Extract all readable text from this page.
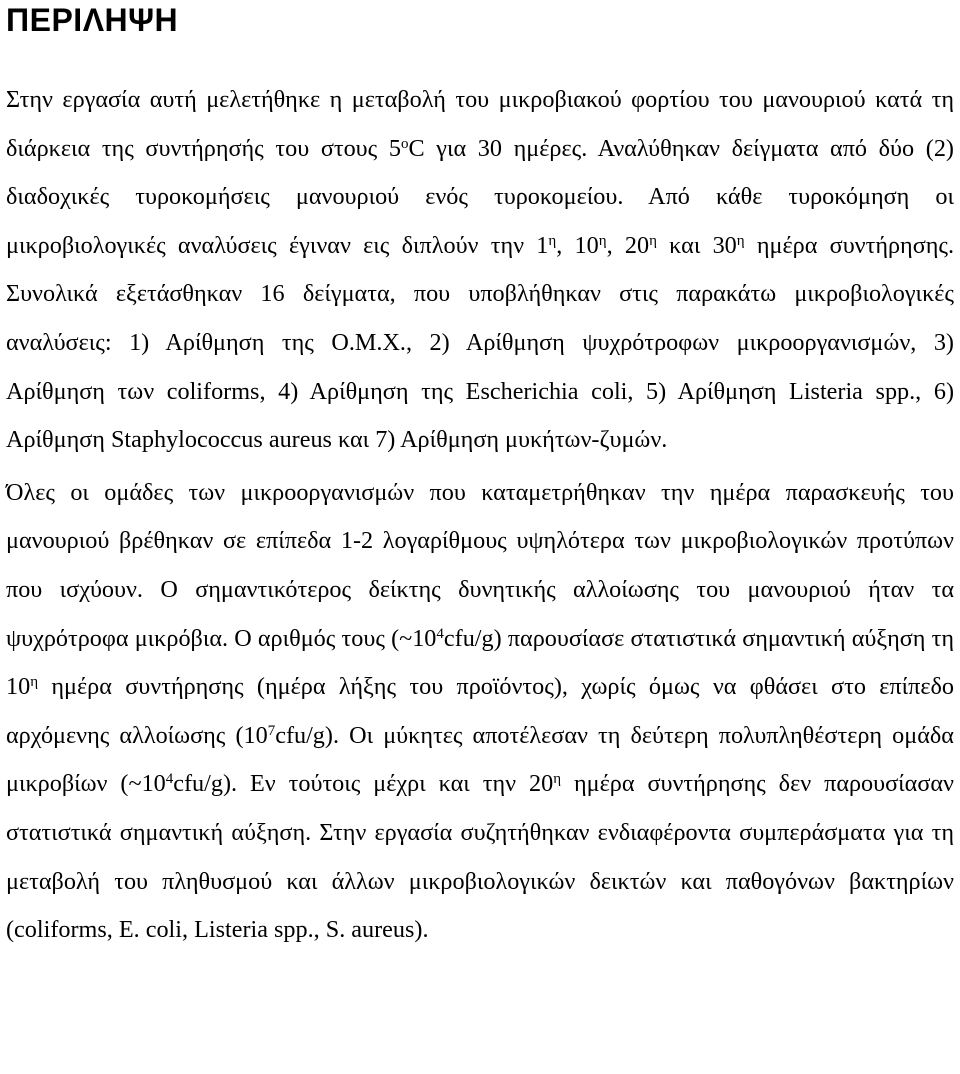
ΠΕΡΙΛΗΨΗ

Στην εργασία αυτή μελετήθηκε η μεταβολή του μικροβιακού φορτίου του μανουριού κατά τη διάρκεια της συντήρησής του στους $5^oC$ για 30 ημέρες. Αναλύθηκαν δείγματα από δύο (2) διαδοχικές τυροκομήσεις μανουριού ενός τυροκομείου. Από κάθε τυροκόμηση οι μικροβιολογικές αναλύσεις έγιναν εις διπλούν την $1^\eta$, $10^\eta$, $20^\eta$ και $30^\eta$ ημέρα συντήρησης. Συνολικά εξετάσθηκαν 16 δείγματα, που υποβλήθηκαν στις παρακάτω μικροβιολογικές αναλύσεις: 1) Αρίθμηση της Ο.Μ.Χ., 2) Αρίθμηση ψυχρότροφων μικροοργανισμών, 3) Αρίθμηση των coliforms, 4) Αρίθμηση της Escherichia coli, 5) Αρίθμηση Listeria spp., 6) Αρίθμηση Staphylococcus aureus και 7) Αρίθμηση μυκήτων-ζυμών.

Όλες οι ομάδες των μικροοργανισμών που καταμετρήθηκαν την ημέρα παρασκευής του μανουριού βρέθηκαν σε επίπεδα 1-2 λογαρίθμους υψηλότερα των μικροβιολογικών προτύπων που ισχύουν. Ο σημαντικότερος δείκτης δυνητικής αλλοίωσης του μανουριού ήταν τα ψυχρότροφα μικρόβια. Ο αριθμός τους $(\sim 10^4cfu/g)$ παρουσίασε στατιστικά σημαντική αύξηση τη $10^\eta$ ημέρα συντήρησης (ημέρα λήξης του προϊόντος), χωρίς όμως να φθάσει στο επίπεδο αρχόμενης αλλοίωσης $(10^7cfu/g)$. Οι μύκητες αποτέλεσαν τη δεύτερη πολυπληθέστερη ομάδα μικροβίων $(\sim 10^4cfu/g)$. Εν τούτοις μέχρι και την $20^\eta$ ημέρα συντήρησης δεν παρουσίασαν στατιστικά σημαντική αύξηση. Στην εργασία συζητήθηκαν ενδιαφέροντα συμπεράσματα για τη μεταβολή του πληθυσμού και άλλων μικροβιολογικών δεικτών και παθογόνων βακτηρίων (coliforms, E. coli, Listeria spp., S. aureus).
